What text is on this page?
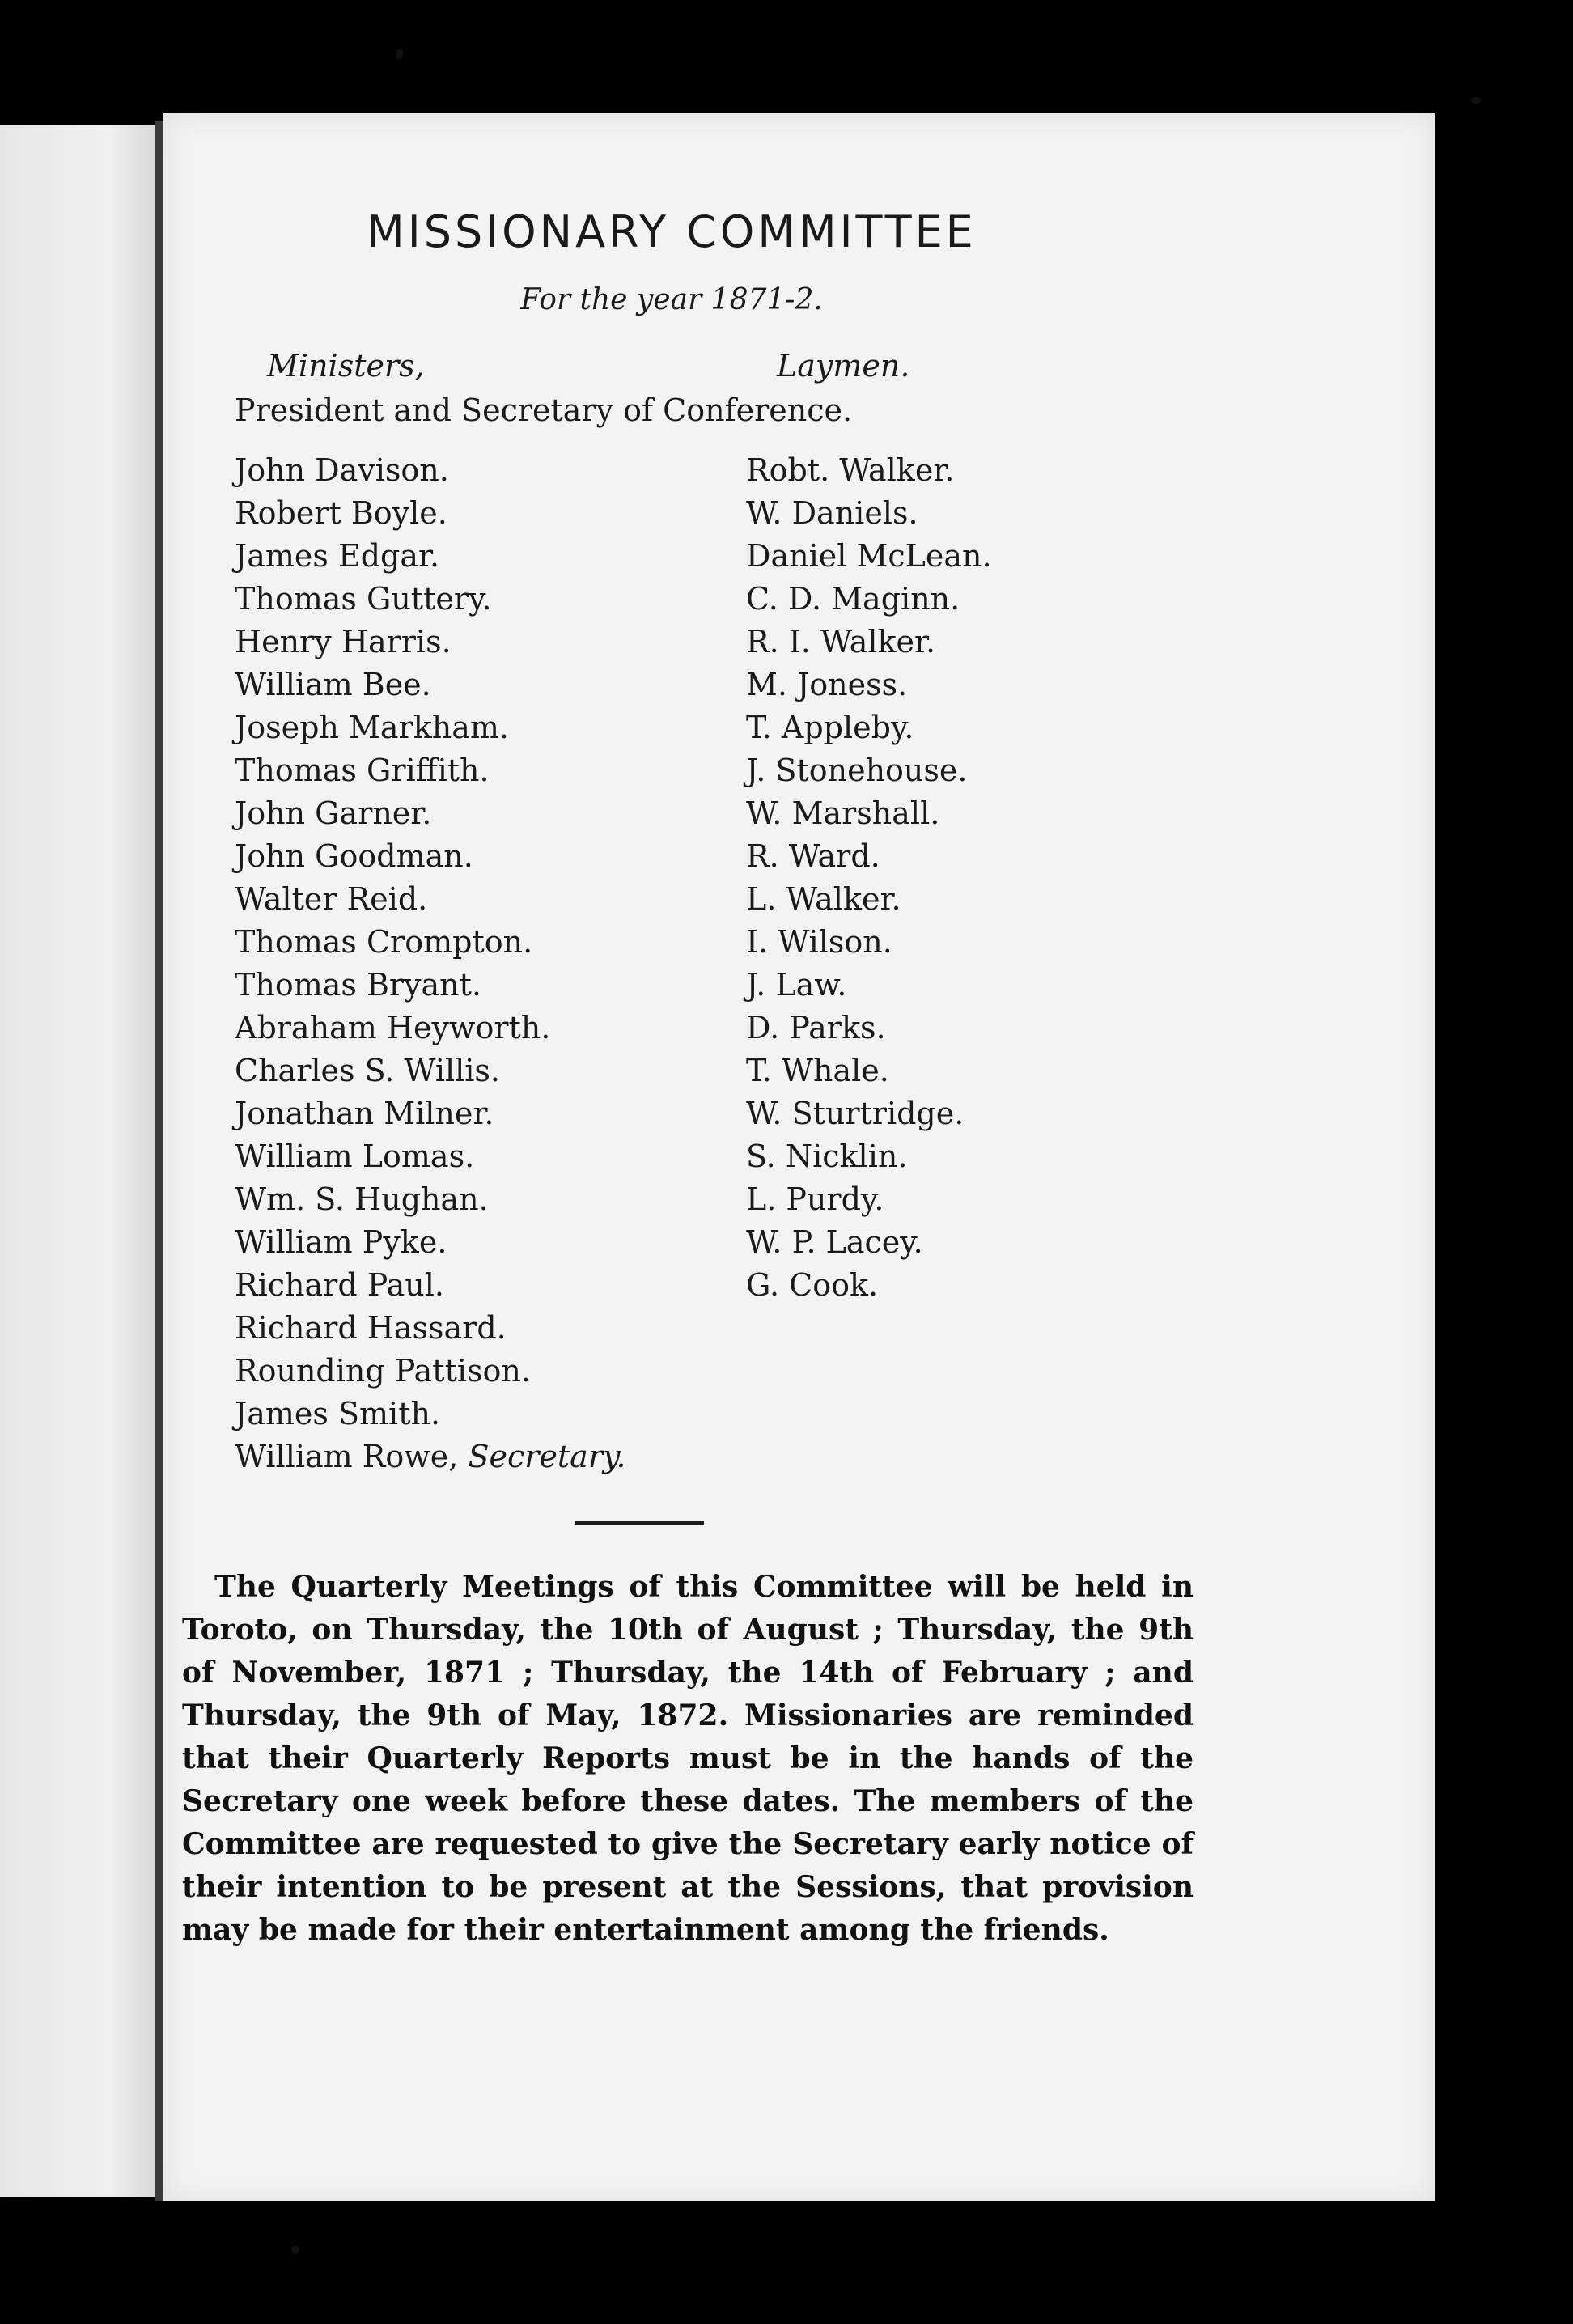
MISSIONARY COMMITTEE
For the year 1871-2.
Ministers,	Laymen.
President and Secretary of Conference.
John Davison.
Robert Boyle.
James Edgar.
Thomas Guttery.
Henry Harris.
William Bee.
Joseph Markham.
Thomas Griffith.
John Garner.
John Goodman.
Walter Reid.
Thomas Crompton.
Thomas Bryant.
Abraham Heyworth.
Charles S. Willis.
Jonathan Milner.
William Lomas.
Wm. S. Hughan.
William Pyke.
Richard Paul.
Richard Hassard.
Rounding Pattison.
James Smith.
William Rowe, Secretary.
Robt. Walker.
W. Daniels.
Daniel McLean.
C. D. Maginn.
R. I. Walker.
M. Joness.
T. Appleby.
J. Stonehouse.
W. Marshall.
R. Ward.
L. Walker.
I. Wilson.
J. Law.
D. Parks.
T. Whale.
W. Sturtridge.
S. Nicklin.
L. Purdy.
W. P. Lacey.
G. Cook.

The Quarterly Meetings of this Committee will be held in Toroto, on Thursday, the 10th of August ; Thursday, the 9th of November, 1871 ; Thursday, the 14th of February ; and Thursday, the 9th of May, 1872. Missionaries are reminded that their Quarterly Reports must be in the hands of the Secretary one week before these dates. The members of the Committee are requested to give the Secretary early notice of their intention to be present at the Sessions, that provision may be made for their entertainment among the friends.
